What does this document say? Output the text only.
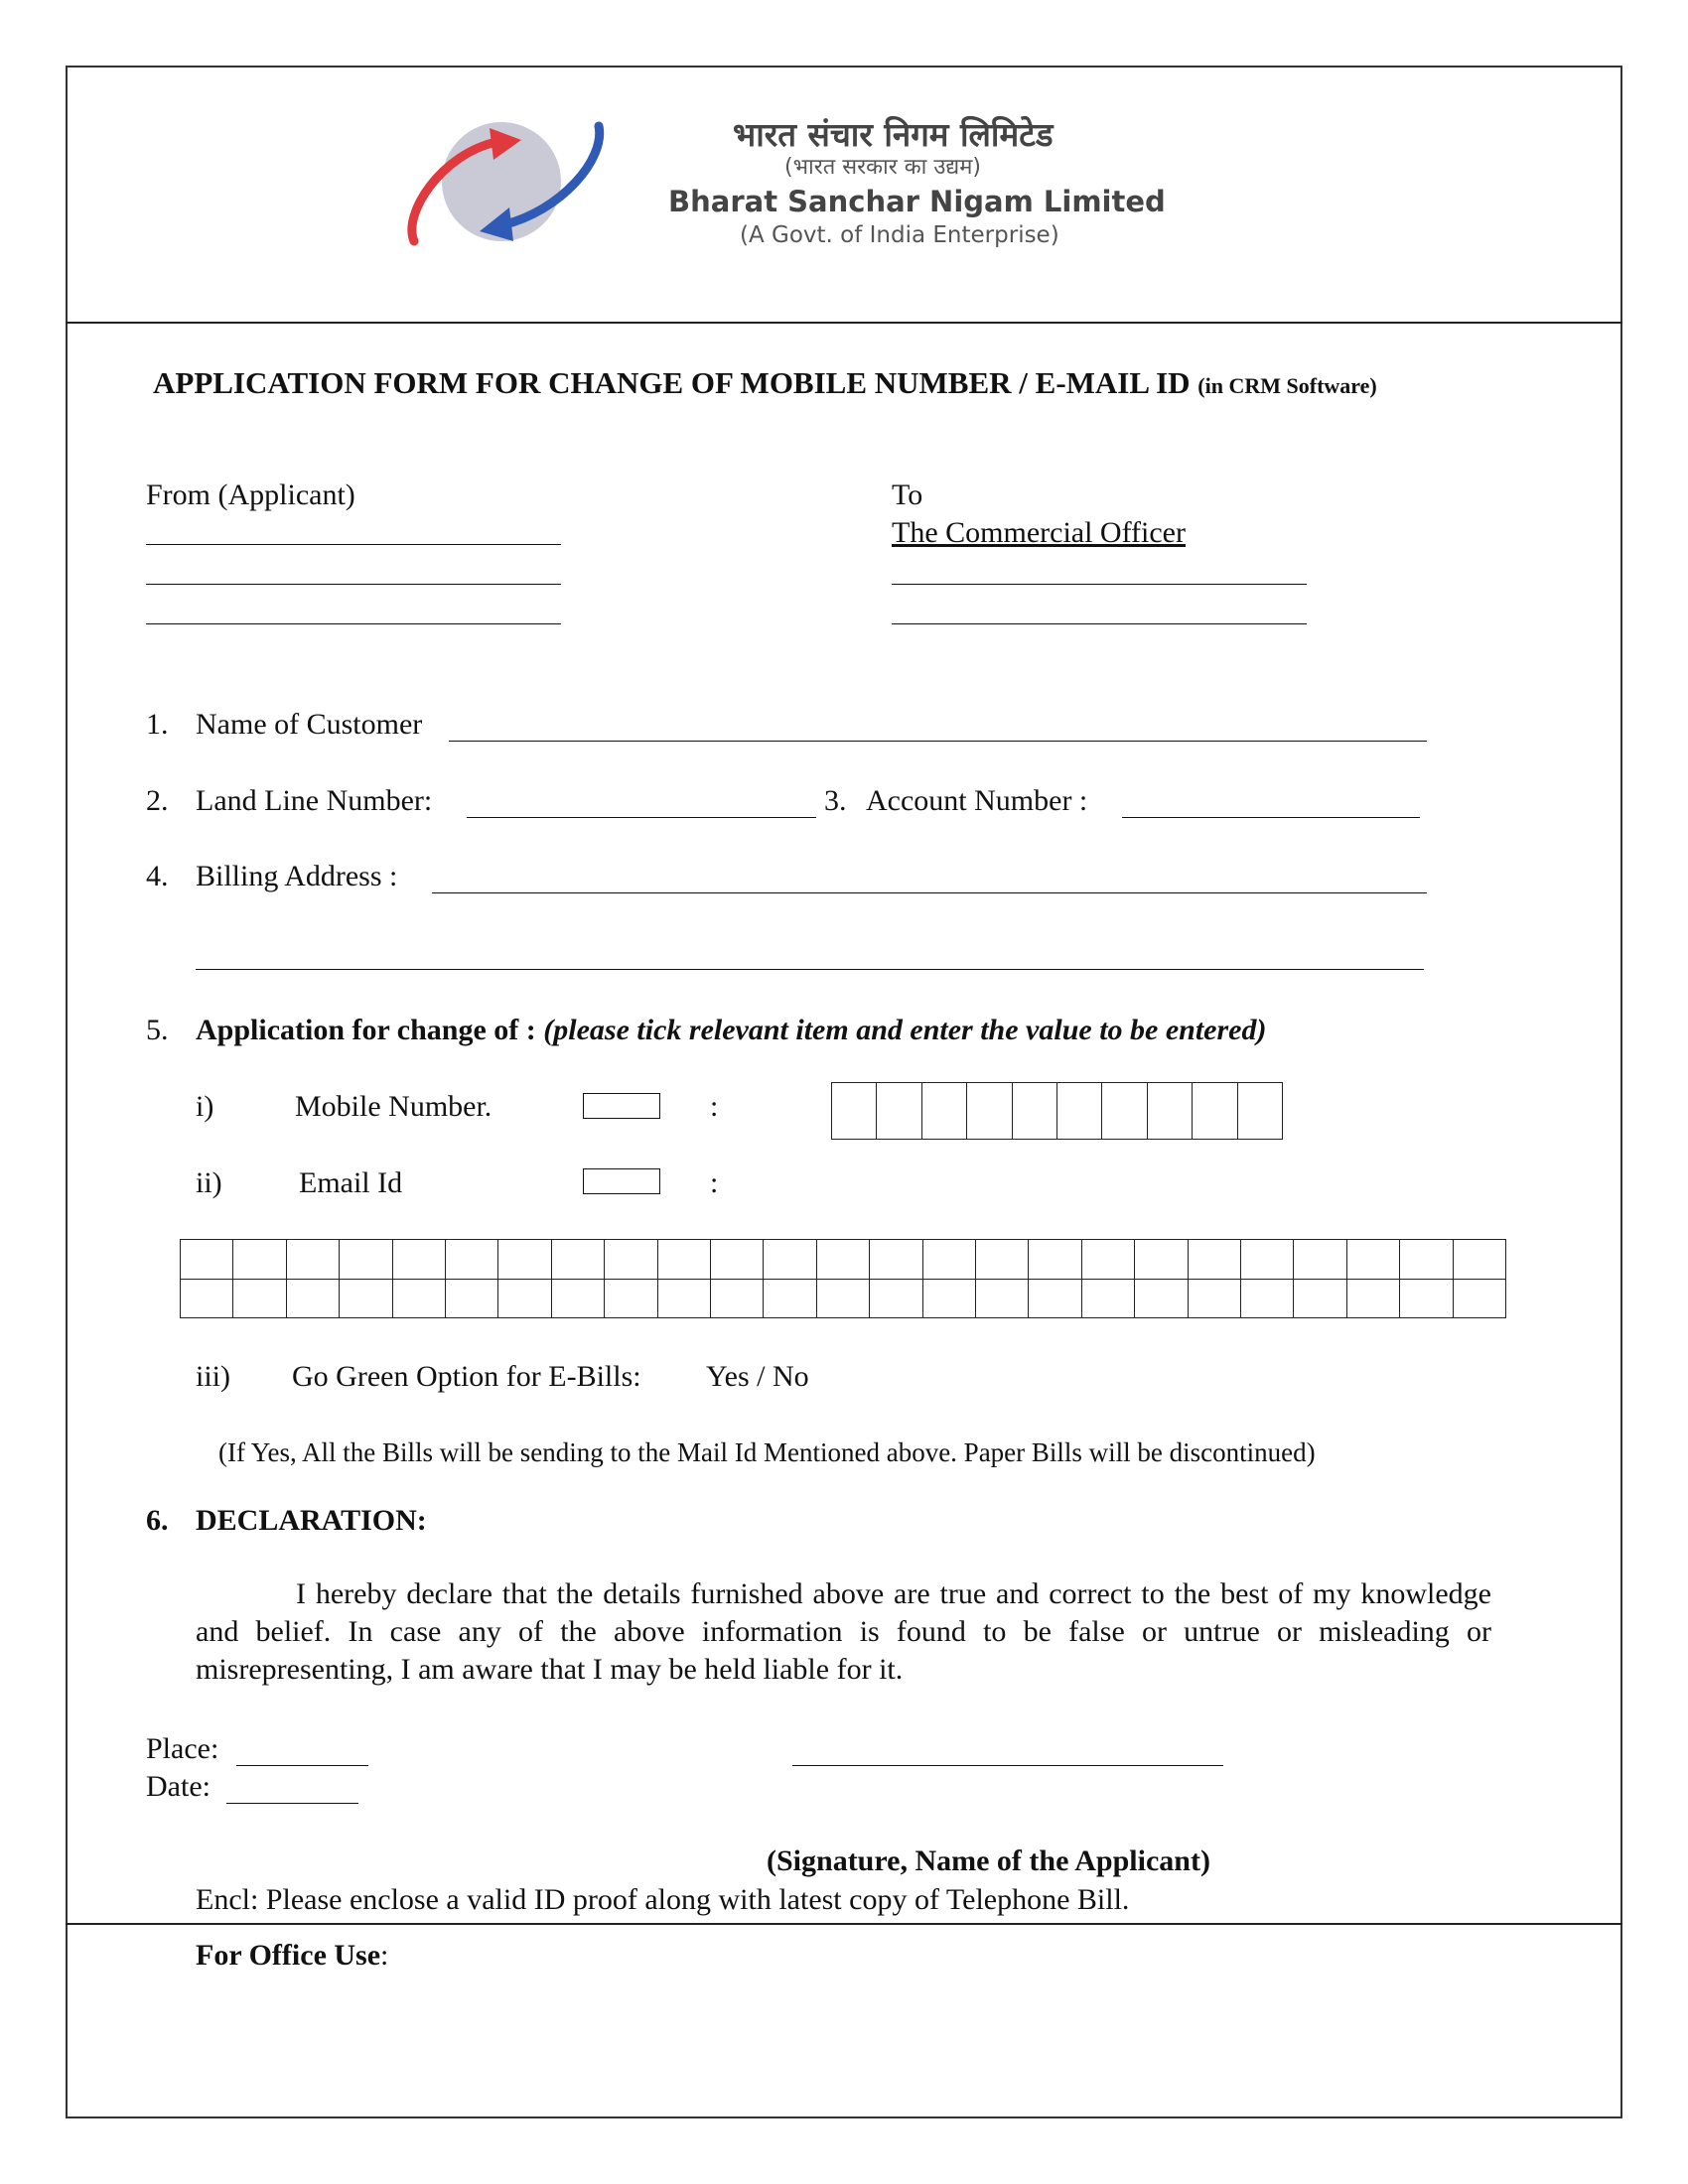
भारत संचार निगम लिमिटेड
(भारत सरकार का उद्यम)
Bharat Sanchar Nigam Limited
(A Govt. of India Enterprise)
APPLICATION FORM FOR CHANGE OF MOBILE NUMBER / E-MAIL ID (in CRM Software)
From (Applicant)	To
The Commercial Officer
1. Name of Customer
2. Land Line Number:	3. Account Number :
4. Billing Address :
5. Application for change of : (please tick relevant item and enter the value to be entered)
i)	Mobile Number.	:
ii)	Email Id	:
iii) Go Green Option for E-Bills: Yes / No
(If Yes, All the Bills will be sending to the Mail Id Mentioned above. Paper Bills will be discontinued)
6. DECLARATION:
I hereby declare that the details furnished above are true and correct to the best of my knowledge and belief. In case any of the above information is found to be false or untrue or misleading or misrepresenting, I am aware that I may be held liable for it.
Place:
Date:
(Signature, Name of the Applicant)
Encl: Please enclose a valid ID proof along with latest copy of Telephone Bill.
For Office Use:
